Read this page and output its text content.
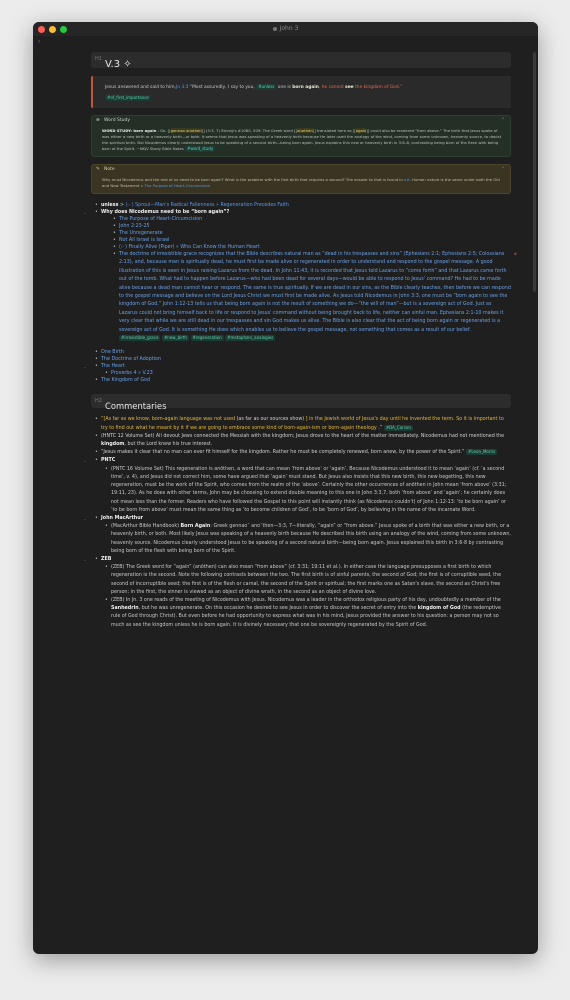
John 3
›
H1 V.3 ✧
Jesus answered and said to him,Jn 3:3 “Most assuredly, I say to you, #unless one is born again, he cannot see the kingdom of God.”
#of_first_importance
⊕ Word Study	⌃
WORD STUDY: born again : Gk. [[gennao anothen]] (3:3, 7) Strong's #1080, 509: The Greek word [[anothen]] translated here as [[again]] could also be rendered “from above.” The birth that Jesus spoke of was either a new birth or a heavenly birth—or both. It seems that Jesus was speaking of a heavenly birth because He later used the analogy of the wind, coming from some unknown, heavenly source, to depict the spiritual birth. But Nicodemus clearly understood Jesus to be speaking of a second birth—being born again. Jesus explains this new or heavenly birth in 3:6–8, contrasting being born of the flesh with being born of the Spirit. ~NKJV Study Bible Notes #word_study
✎ Note	⌃
Why must Nicodemus and the rest of us need to be born again? What is the problem with the first birth that requires a second? The answer to that is found in v.6. Human nature is the same under both the Old and New Testament » The Purpose of Heart-Circumcision
• unless > (☞) Sproul—Man's Radical Fallenness » Regeneration Precedes Faith
• ⌄	Why does Nicodemus need to be “born again”?
• The Purpose of Heart-Circumcision
• John 2:23-25
• The Unregenerate
• Not All Israel is Israel
• (☞) Finally Alive (Piper) » Who Can Know the Human Heart
• ⌖
The doctrine of irresistible grace recognizes that the Bible describes natural man as “dead in his trespasses and sins” (Ephesians 2:1; Ephesians 2:5; Colossians 2:13), and, because man is spiritually dead, he must first be made alive or regenerated in order to understand and respond to the gospel message. A good illustration of this is seen in Jesus raising Lazarus from the dead. In John 11:43, it is recorded that Jesus told Lazarus to “come forth” and that Lazarus came forth out of the tomb. What had to happen before Lazarus—who had been dead for several days—would be able to respond to Jesus' command? He had to be made alive because a dead man cannot hear or respond. The same is true spiritually. If we are dead in our sins, as the Bible clearly teaches, then before we can respond to the gospel message and believe on the Lord Jesus Christ we must first be made alive. As Jesus told Nicodemus in John 3:3, one must be “born again to see the kingdom of God.” John 1:12-13 tells us that being born again is not the result of something we do—“the will of man”—but is a sovereign act of God. Just as Lazarus could not bring himself back to life or respond to Jesus' command without being brought back to life, neither can sinful man. Ephesians 2:1-10 makes it very clear that while we are still dead in our trespasses and sin God makes us alive. The Bible is also clear that the act of being born again or regenerated is a sovereign act of God. It is something He does which enables us to believe the gospel message, not something that comes as a result of our belief. #irresistible_grace #new_birth #regeneration #metaphors_analogies
• One Birth
• The Doctrine of Adoption
• ⌄	The Heart
• Proverbs 4 » V.23
• The Kingdom of God
H2 Commentaries
• “[As far as we know, born-again language was not used (as far as our sources show) ] in the Jewish world of Jesus's day until he invented the term. So it is important to try to find out what he meant by it if we are going to embrace some kind of born-again-ism or born-again theology .” #DA_Carson
• (HNTC 12 Volume Set) All devout Jews connected the Messiah with the kingdom; Jesus drove to the heart of the matter immediately. Nicodemus had not mentioned the kingdom, but the Lord knew his true interest.
• “Jesus makes it clear that no man can ever fit himself for the kingdom. Rather he must be completely renewed, born anew, by the power of the Spirit.” #Leon_Morris
• ⌄	PNTC
• (PNTC 16 Volume Set) This regeneration is anōthen, a word that can mean ‘from above’ or ‘again’. Because Nicodemus understood it to mean ‘again’ (cf. ‘a second time’, v. 4), and Jesus did not correct him, some have argued that ‘again’ must stand. But Jesus also insists that this new birth, this new begetting, this new regeneration, must be the work of the Spirit, who comes from the realm of the ‘above’. Certainly the other occurrences of anōthen in John mean ‘from above’ (3:31; 19:11, 23). As he does with other terms, John may be choosing to extend double meaning to this one in John 3:3,7, both ‘from above’ and ‘again’; he certainly does not mean less than the former. Readers who have followed the Gospel to this point will instantly think (as Nicodemus couldn't) of John 1:12-13: ‘to be born again’ or ‘to be born from above’ must mean the same thing as ‘to become children of God’, to be ‘born of God’, by believing in the name of the incarnate Word.
• ⌄	John MacArthur
• (MacArthur Bible Handbook) Born Again: Greek gennao¯ ano¯then—3:3, 7—literally, “again” or “from above.” Jesus spoke of a birth that was either a new birth, or a heavenly birth, or both. Most likely Jesus was speaking of a heavenly birth because He described this birth using an analogy of the wind, coming from some unknown, heavenly source. Nicodemus clearly understood Jesus to be speaking of a second natural birth—being born again. Jesus explained this birth in 3:6-8 by contrasting being born of the flesh with being born of the Spirit.
• ⌄	ZEB
• (ZEB) The Greek word for “again” (anōthen) can also mean “from above” (cf. 3:31; 19:11 et al.). In either case the language presupposes a first birth to which regeneration is the second. Note the following contrasts between the two. The first birth is of sinful parents, the second of God; the first is of corruptible seed, the second of incorruptible seed; the first is of the flesh or carnal, the second of the Spirit or spiritual; the first marks one as Satan's slave, the second as Christ's free person; in the first, the sinner is viewed as an object of divine wrath, in the second as an object of divine love.
• (ZEB) In Jn. 3 one reads of the meeting of Nicodemus with Jesus. Nicodemus was a leader in the orthodox religious party of his day, undoubtedly a member of the Sanhedrin, but he was unregenerate. On this occasion he desired to see Jesus in order to discover the secret of entry into the kingdom of God (the redemptive rule of God through Christ). But even before he had opportunity to express what was in his mind, Jesus provided the answer to his question: a person may not so much as see the kingdom unless he is born again. It is divinely necessary that one be sovereignly regenerated by the Spirit of God.
